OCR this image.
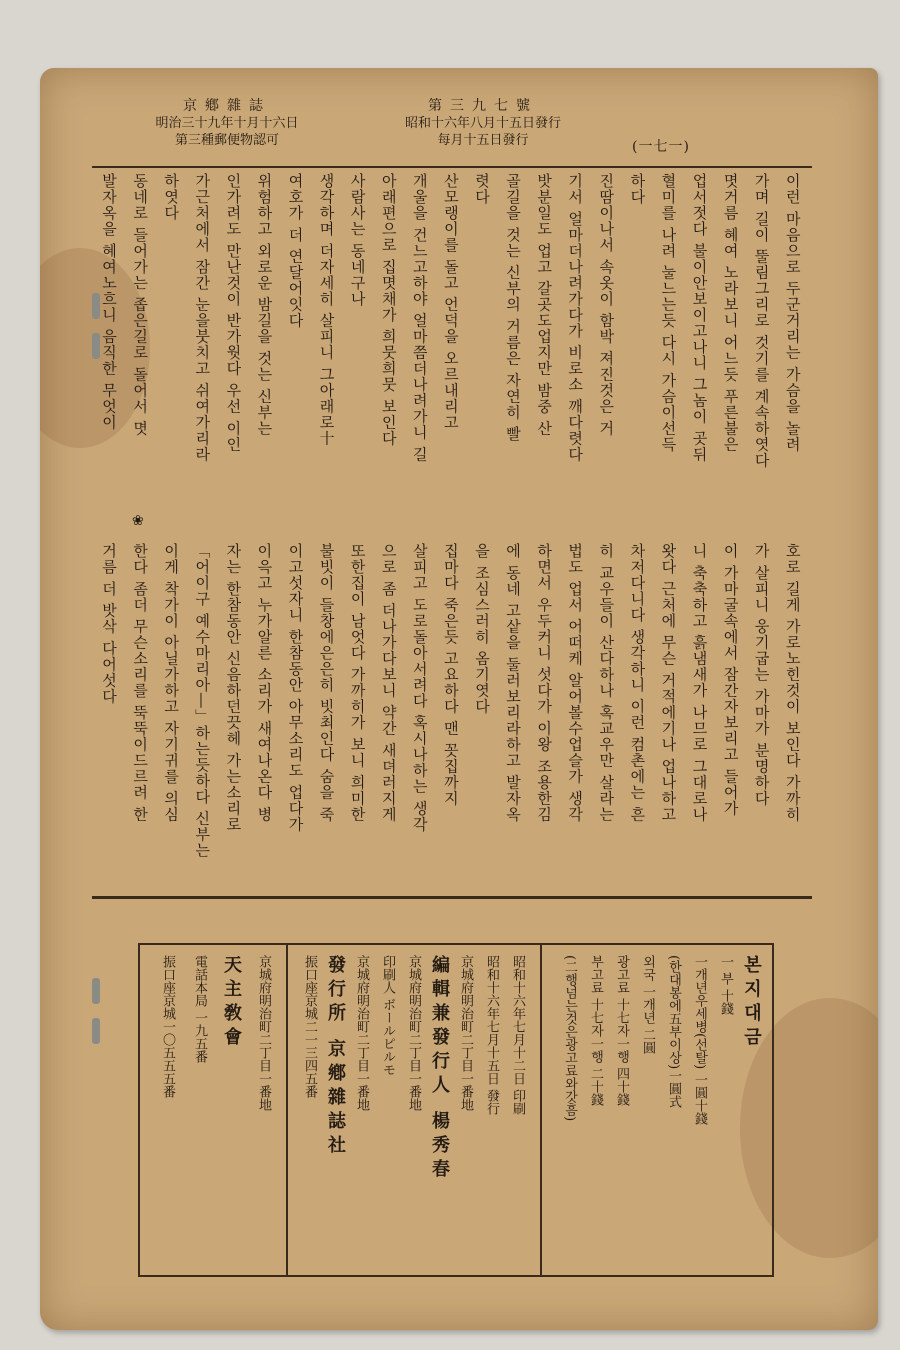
京鄕雜誌
明治三十九年十月十六日
第三種郵便物認可
第三九七號
昭和十六年八月十五日發行
每月十五日發行	(一七一)
이런 마음으로 두군거리는 가슴을 놀려
가며 길이 뚤림그리로 것기를 계속하엿다
몃거름 혜여 노라보니 어느듯 푸른불은
업서젓다 불이안보이고나니 그놈이 곳뒤
혈미를 나려 눌느는듯 다시 가슴이선득
하다
진땀이나서 속옷이 함박 져진것은 거
기서 얼마더나려가다가 비로소 깨다렷다
밧분일도 업고 갈곳도업지만 밤중 산
골길을 것는 신부의 거름은 자연히 빨
렷다
산모랭이를 돌고 언덕을 오르내리고
개울을 건느고하야 얼마쯤더나려가니 길
아래편으로 집몃채가 희뭇희뭇 보인다
사람사는 동네구나
생각하며 더자세히 살피니 그아래로十
여호가 더 연달어잇다
위험하고 외로운 밤길을 것는 신부는
인가려도 만난것이 반가웟다 우선 이인
가근처에서 잠간 눈을붓치고 쉬여가리라
하엿다
동네로 들어가는 좁은길로 돌어서 몃
발자옥을 혜여노흐니 음직한 무엇이
❀
호로 길게 가로노힌것이 보인다 가까히
가 살피니 웅기굽는 가마가 분명하다
이 가마굴속에서 잠간자보리고 들어가
니 축축하고 흙냄새가 나므로 그대로나
왓다 근처에 무슨 거적에기나 업나하고
차저다니다 생각하니 이런 컴촌에는 흔
히 교우들이 산다하나 혹교우만 살라는
법도 업서 어떠케 알어볼수업슬가 생각
하면서 우두커니 섯다가 이왕 조용한김
에 동네 고샅을 둘러보리라하고 발자옥
을 조심스러히 옴기엿다
집마다 죽은듯 고요하다 맨 꼿집까지
살피고 도로돌아서려다 혹시나하는 생각
으로 좀 더나가다보니 약간 새뎌러지게
또한집이 남엇다 가까히가 보니 희미한
불빗이 들창에은은히 빗최인다 숨을 죽
이고섯자니 한참동안 아무소리도 업다가
이윽고 누가알른 소리가 새여나온다 병
자는 한참동안 신음하던끗헤 가는소리로
「어이구 예수마리아―」하는듯하다 신부는
이게 착가이 아닐가하고 자기귀를 의심
한다 좀더 무슨소리를 뚝뚝이드르려 한
거름 더 밧삭 다어섯다
본지대금
一 부 十錢
一개년우세병(선탈) 一圓十錢
(한대봉에五부이상)一圓式
외국 一개년 二圓
광고료 十七자一행 四十錢
부고료 十七자一행 二十錢
(二행넘는것은광고료와갓흠)
昭和十六年七月十二日 印刷
昭和十六年七月十五日 發行
京城府明治町二丁目一番地
編輯兼發行人 楊秀春
京城府明治町二丁目一番地
印刷人 ボールピルモ
京城府明治町二丁目一番地
發行所 京鄕雜誌社
振口座京城二一三四五番
京城府明治町二丁目一番地
天主敎會
電話本局 一九五番
振口座京城一〇五五五番
